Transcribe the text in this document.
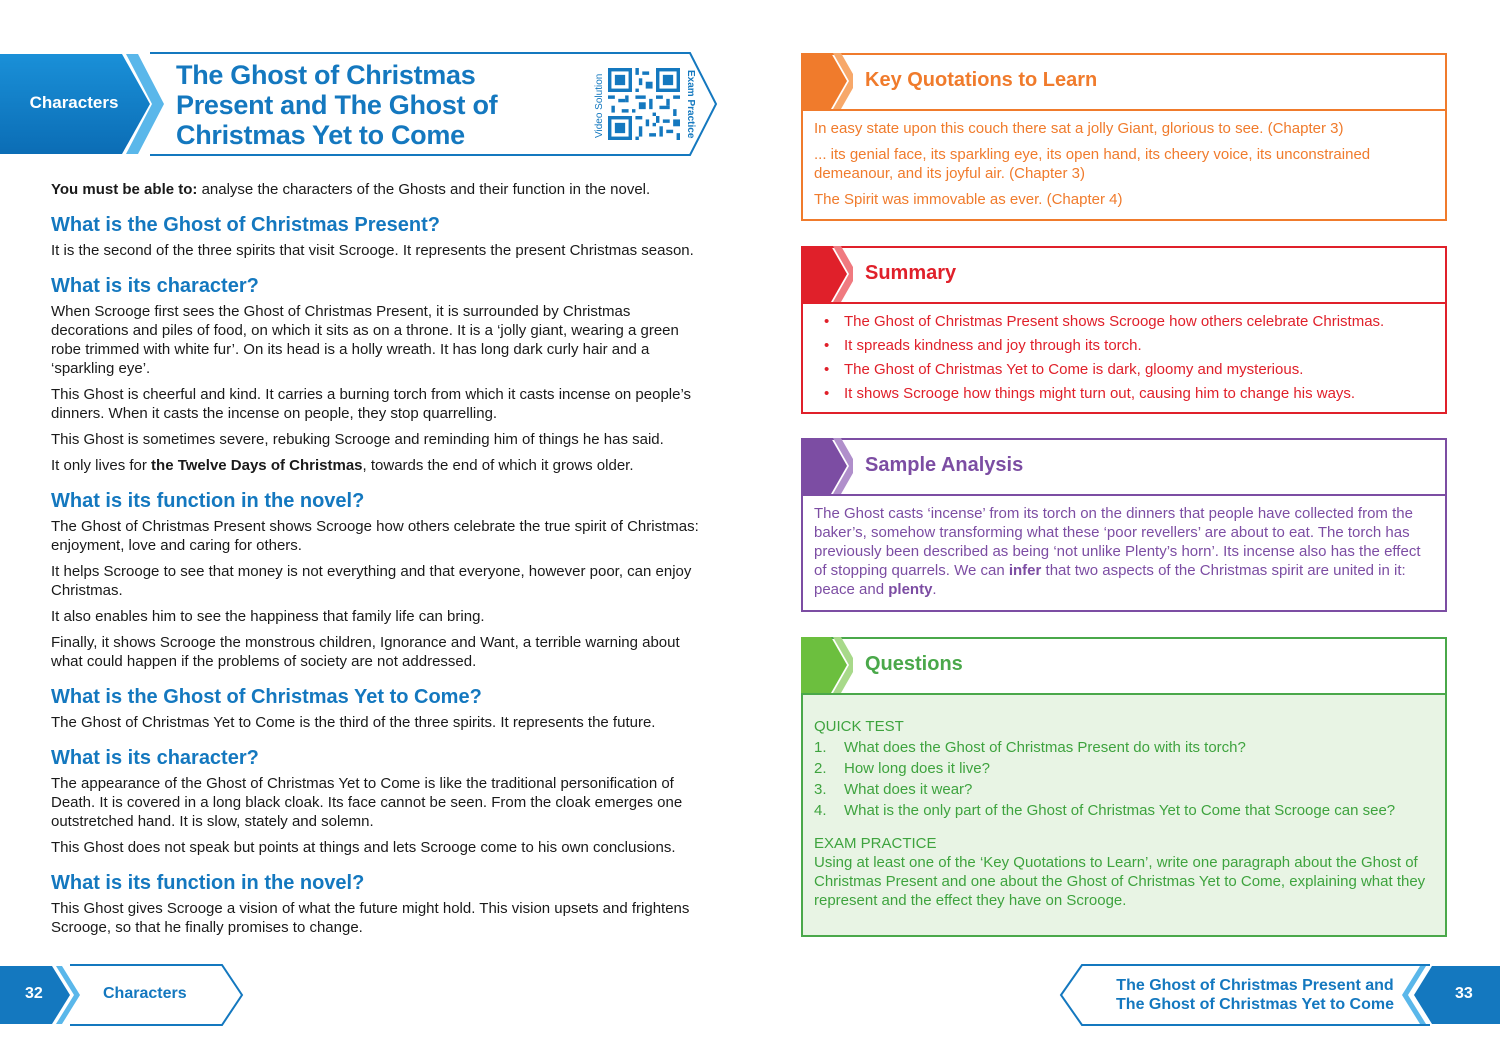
Characters
The Ghost of Christmas
Present and The Ghost of
Christmas Yet to Come	Video Solution	Exam Practice

You must be able to: analyse the characters of the Ghosts and their function in the novel.

What is the Ghost of Christmas Present?

It is the second of the three spirits that visit Scrooge. It represents the present Christmas season.

What is its character?

When Scrooge first sees the Ghost of Christmas Present, it is surrounded by Christmas decorations and piles of food, on which it sits as on a throne. It is a ‘jolly giant, wearing a green robe trimmed with white fur’. On its head is a holly wreath. It has long dark curly hair and a ‘sparkling eye’.

This Ghost is cheerful and kind. It carries a burning torch from which it casts incense on people’s dinners. When it casts the incense on people, they stop quarrelling.

This Ghost is sometimes severe, rebuking Scrooge and reminding him of things he has said.

It only lives for the Twelve Days of Christmas, towards the end of which it grows older.

What is its function in the novel?

The Ghost of Christmas Present shows Scrooge how others celebrate the true spirit of Christmas: enjoyment, love and caring for others.

It helps Scrooge to see that money is not everything and that everyone, however poor, can enjoy Christmas.

It also enables him to see the happiness that family life can bring.

Finally, it shows Scrooge the monstrous children, Ignorance and Want, a terrible warning about what could happen if the problems of society are not addressed.

What is the Ghost of Christmas Yet to Come?

The Ghost of Christmas Yet to Come is the third of the three spirits. It represents the future.

What is its character?

The appearance of the Ghost of Christmas Yet to Come is like the traditional personification of Death. It is covered in a long black cloak. Its face cannot be seen. From the cloak emerges one outstretched hand. It is slow, stately and solemn.

This Ghost does not speak but points at things and lets Scrooge come to his own conclusions.

What is its function in the novel?

This Ghost gives Scrooge a vision of what the future might hold. This vision upsets and frightens Scrooge, so that he finally promises to change.

Key Quotations to Learn

In easy state upon this couch there sat a jolly Giant, glorious to see. (Chapter 3)

... its genial face, its sparkling eye, its open hand, its cheery voice, its unconstrained demeanour, and its joyful air. (Chapter 3)

The Spirit was immovable as ever. (Chapter 4)

Summary
• The Ghost of Christmas Present shows Scrooge how others celebrate Christmas.
• It spreads kindness and joy through its torch.
• The Ghost of Christmas Yet to Come is dark, gloomy and mysterious.
• It shows Scrooge how things might turn out, causing him to change his ways.
Sample Analysis
The Ghost casts ‘incense’ from its torch on the dinners that people have collected from the baker’s, somehow transforming what these ‘poor revellers’ are about to eat. The torch has previously been described as being ‘not unlike Plenty’s horn’. Its incense also has the effect of stopping quarrels. We can infer that two aspects of the Christmas spirit are united in it: peace and plenty.
Questions

QUICK TEST

1. What does the Ghost of Christmas Present do with its torch?
2. How long does it live?
3. What does it wear?
4. What is the only part of the Ghost of Christmas Yet to Come that Scrooge can see?

EXAM PRACTICE

Using at least one of the ‘Key Quotations to Learn’, write one paragraph about the Ghost of Christmas Present and one about the Ghost of Christmas Yet to Come, explaining what they represent and the effect they have on Scrooge.

32	Characters	The Ghost of Christmas Present and
The Ghost of Christmas Yet to Come
33
